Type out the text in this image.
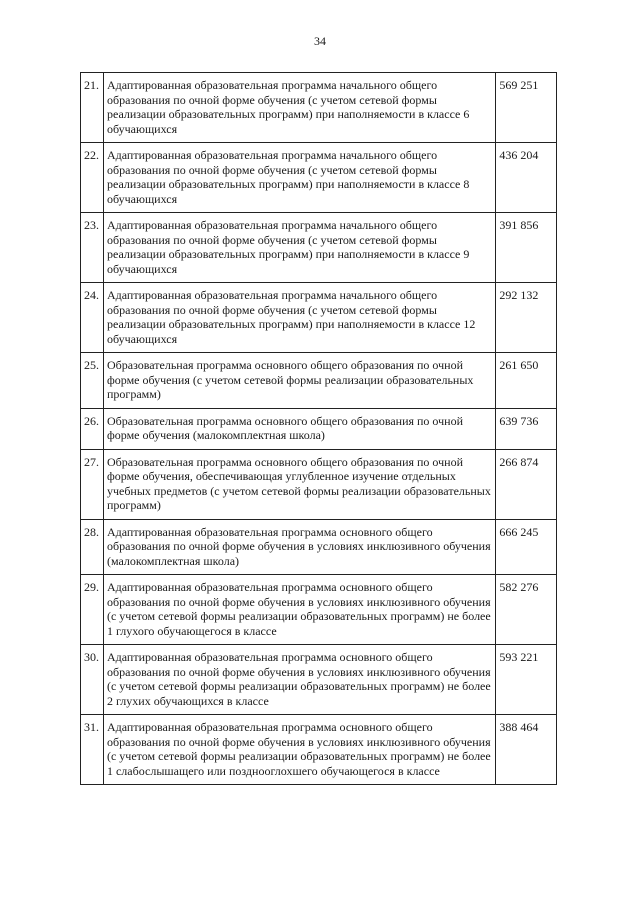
34
21.	Адаптированная образовательная программа начального общего образования по очной форме обучения (с учетом сетевой формы реализации образовательных программ) при наполняемости в классе 6 обучающихся	569 251
22.	Адаптированная образовательная программа начального общего образования по очной форме обучения (с учетом сетевой формы реализации образовательных программ) при наполняемости в классе 8 обучающихся	436 204
23.	Адаптированная образовательная программа начального общего образования по очной форме обучения (с учетом сетевой формы реализации образовательных программ) при наполняемости в классе 9 обучающихся	391 856
24.	Адаптированная образовательная программа начального общего образования по очной форме обучения (с учетом сетевой формы реализации образовательных программ) при наполняемости в классе 12 обучающихся	292 132
25.	Образовательная программа основного общего образования по очной форме обучения (с учетом сетевой формы реализации образовательных программ)	261 650
26.	Образовательная программа основного общего образования по очной форме обучения (малокомплектная школа)	639 736
27.	Образовательная программа основного общего образования по очной форме обучения, обеспечивающая углубленное изучение отдельных учебных предметов (с учетом сетевой формы реализации образовательных программ)	266 874
28.	Адаптированная образовательная программа основного общего образования по очной форме обучения в условиях инклюзивного обучения (малокомплектная школа)	666 245
29.	Адаптированная образовательная программа основного общего образования по очной форме обучения в условиях инклюзивного обучения (с учетом сетевой формы реализации образовательных программ) не более 1 глухого обучающегося в классе	582 276
30.	Адаптированная образовательная программа основного общего образования по очной форме обучения в условиях инклюзивного обучения (с учетом сетевой формы реализации образовательных программ) не более 2 глухих обучающихся в классе	593 221
31.	Адаптированная образовательная программа основного общего образования по очной форме обучения в условиях инклюзивного обучения (с учетом сетевой формы реализации образовательных программ) не более 1 слабослышащего или позднооглохшего обучающегося в классе	388 464
